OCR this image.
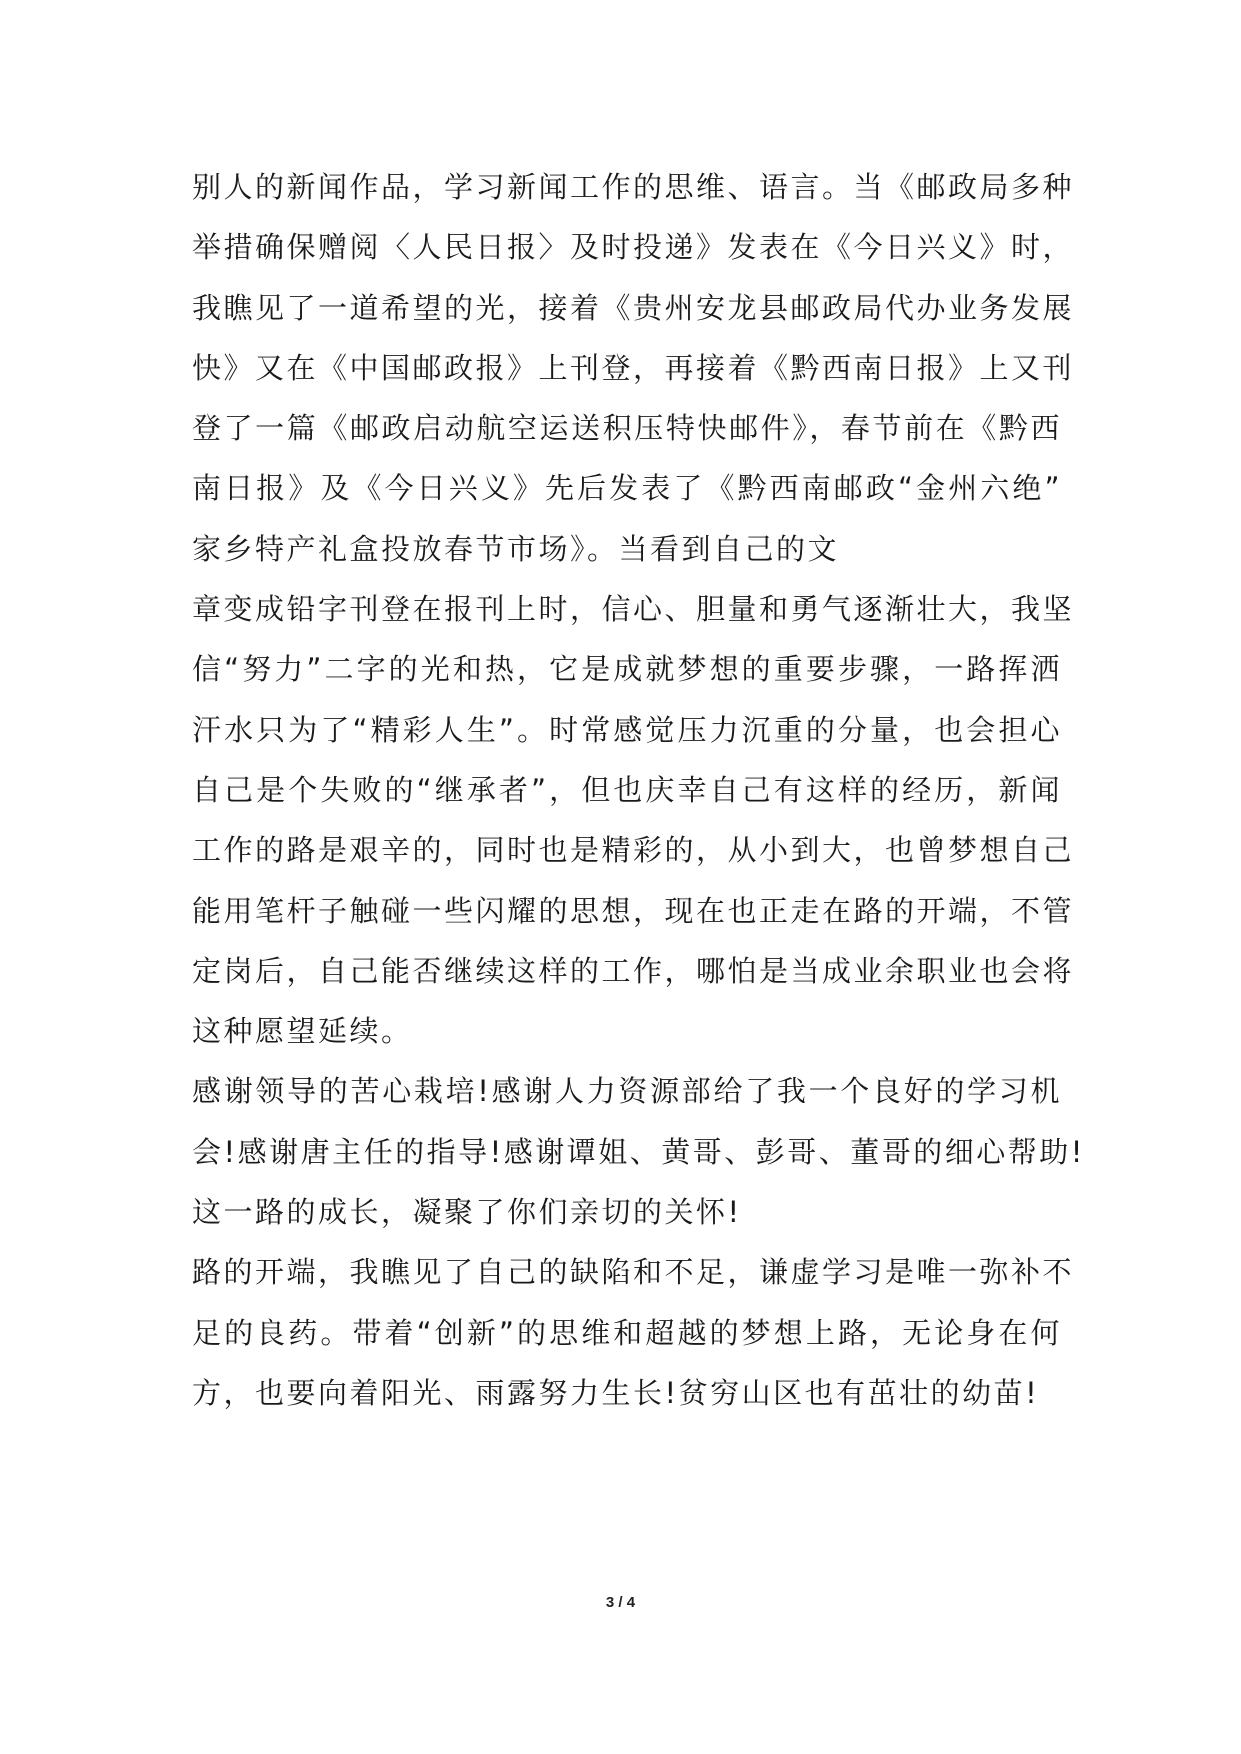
别人的新闻作品，学习新闻工作的思维、语言。当《邮政局多种
举措确保赠阅〈人民日报〉及时投递》发表在《今日兴义》时，
我瞧见了一道希望的光，接着《贵州安龙县邮政局代办业务发展
快》又在《中国邮政报》上刊登，再接着《黔西南日报》上又刊
登了一篇《邮政启动航空运送积压特快邮件》，春节前在《黔西
南日报》及《今日兴义》先后发表了《黔西南邮政“金州六绝”
家乡特产礼盒投放春节市场》。当看到自己的文
章变成铅字刊登在报刊上时，信心、胆量和勇气逐渐壮大，我坚
信“努力”二字的光和热，它是成就梦想的重要步骤，一路挥洒
汗水只为了“精彩人生”。时常感觉压力沉重的分量，也会担心
自己是个失败的“继承者”，但也庆幸自己有这样的经历，新闻
工作的路是艰辛的，同时也是精彩的，从小到大，也曾梦想自己
能用笔杆子触碰一些闪耀的思想，现在也正走在路的开端，不管
定岗后，自己能否继续这样的工作，哪怕是当成业余职业也会将
这种愿望延续。
感谢领导的苦心栽培!感谢人力资源部给了我一个良好的学习机
会!感谢唐主任的指导!感谢谭姐、黄哥、彭哥、董哥的细心帮助!
这一路的成长，凝聚了你们亲切的关怀!
路的开端，我瞧见了自己的缺陷和不足，谦虚学习是唯一弥补不
足的良药。带着“创新”的思维和超越的梦想上路，无论身在何
方，也要向着阳光、雨露努力生长!贫穷山区也有茁壮的幼苗!
3 / 4
